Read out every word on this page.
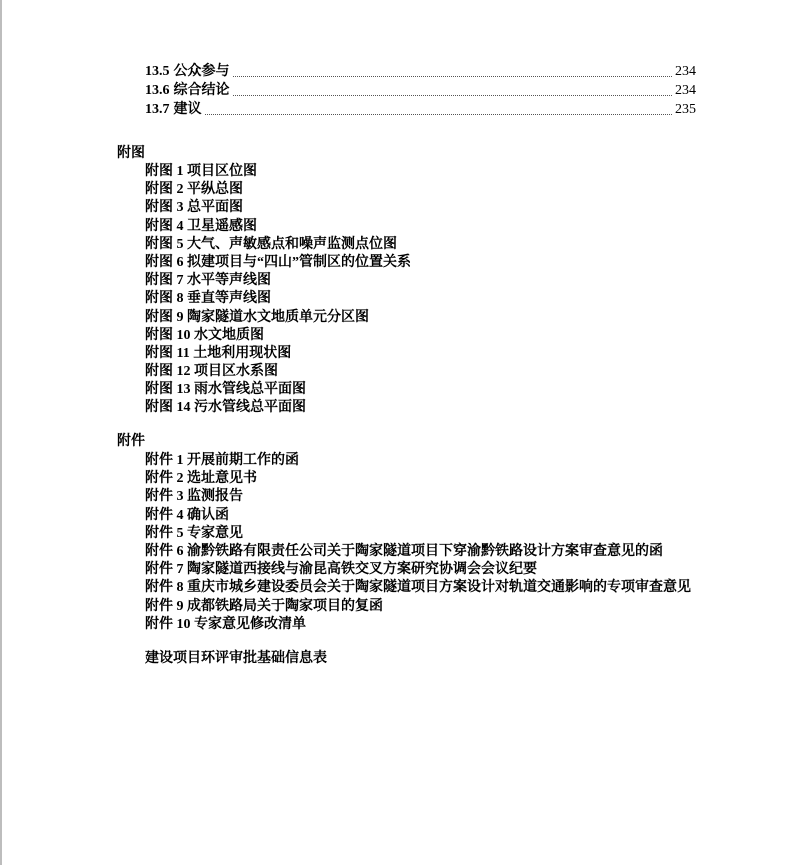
13.5 公众参与	234
13.6 综合结论	234
13.7 建议	235
附图
附图 1 项目区位图
附图 2 平纵总图
附图 3 总平面图
附图 4 卫星遥感图
附图 5 大气、声敏感点和噪声监测点位图
附图 6 拟建项目与“四山”管制区的位置关系
附图 7 水平等声线图
附图 8 垂直等声线图
附图 9 陶家隧道水文地质单元分区图
附图 10 水文地质图
附图 11 土地利用现状图
附图 12 项目区水系图
附图 13 雨水管线总平面图
附图 14 污水管线总平面图
附件
附件 1 开展前期工作的函
附件 2 选址意见书
附件 3 监测报告
附件 4 确认函
附件 5 专家意见
附件 6 渝黔铁路有限责任公司关于陶家隧道项目下穿渝黔铁路设计方案审查意见的函
附件 7 陶家隧道西接线与渝昆高铁交叉方案研究协调会会议纪要
附件 8 重庆市城乡建设委员会关于陶家隧道项目方案设计对轨道交通影响的专项审查意见
附件 9 成都铁路局关于陶家项目的复函
附件 10 专家意见修改清单
建设项目环评审批基础信息表
